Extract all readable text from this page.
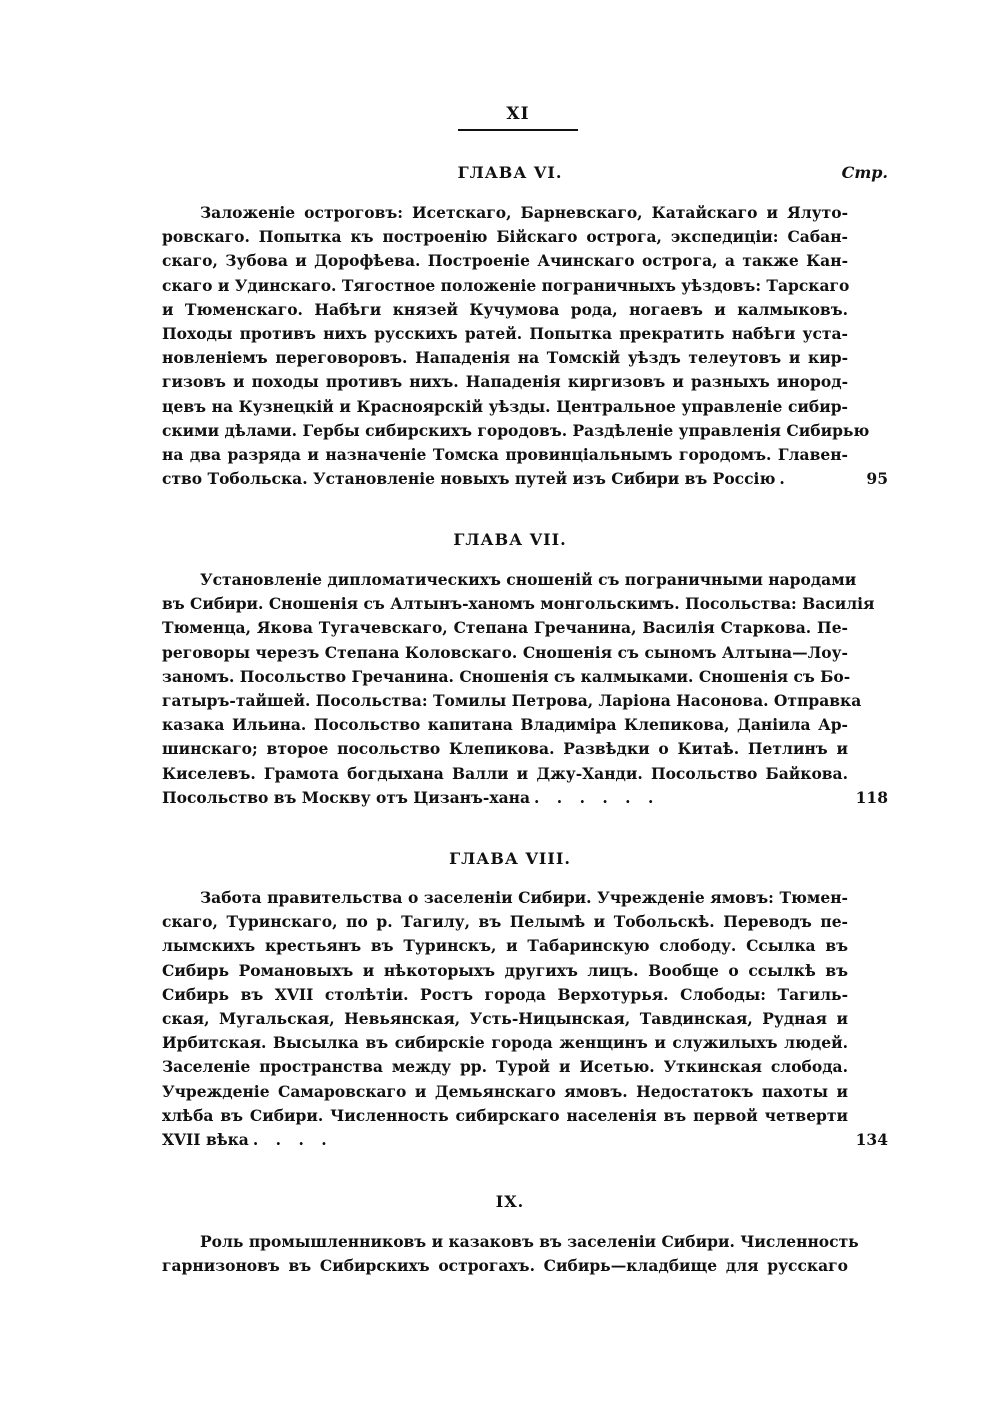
XI
Стр.
ГЛАВА VI.
Заложеніе остроговъ: Исетскаго, Барневскаго, Катайскаго и Ялуто-
ровскаго. Попытка къ построенію Бійскаго острога, экспедиціи: Сабан-
скаго, Зубова и Дорофѣева. Построеніе Ачинскаго острога, а также Кан-
скаго и Удинскаго. Тягостное положеніе пограничныхъ уѣздовъ: Тарскаго
и Тюменскаго. Набѣги князей Кучумова рода, ногаевъ и калмыковъ.
Походы противъ нихъ русскихъ ратей. Попытка прекратить набѣги уста-
новленіемъ переговоровъ. Нападенія на Томскій уѣздъ телеутовъ и кир-
гизовъ и походы противъ нихъ. Нападенія киргизовъ и разныхъ инород-
цевъ на Кузнецкій и Красноярскій уѣзды. Центральное управленіе сибир-
скими дѣлами. Гербы сибирскихъ городовъ. Раздѣленіе управленія Сибирью
на два разряда и назначеніе Томска провинціальнымъ городомъ. Главен-
ство Тобольска. Установленіе новыхъ путей изъ Сибири въ Россію .	95
ГЛАВА VII.
Установленіе дипломатическихъ сношеній съ пограничными народами
въ Сибири. Сношенія съ Алтынъ-ханомъ монгольскимъ. Посольства: Василія
Тюменца, Якова Тугачевскаго, Степана Гречанина, Василія Старкова. Пе-
реговоры черезъ Степана Коловскаго. Сношенія съ сыномъ Алтына—Лоу-
заномъ. Посольство Гречанина. Сношенія съ калмыками. Сношенія съ Бо-
гатыръ-тайшей. Посольства: Томилы Петрова, Ларіона Насонова. Отправка
казака Ильина. Посольство капитана Владиміра Клепикова, Даніила Ар-
шинскаго; второе посольство Клепикова. Развѣдки о Китаѣ. Петлинъ и
Киселевъ. Грамота богдыхана Валли и Джу-Ханди. Посольство Байкова.
Посольство въ Москву отъ Цизанъ-хана . . . . . .	118
ГЛАВА VIII.
Забота правительства о заселеніи Сибири. Учрежденіе ямовъ: Тюмен-
скаго, Туринскаго, по р. Тагилу, въ Пелымѣ и Тобольскѣ. Переводъ пе-
лымскихъ крестьянъ въ Туринскъ, и Табаринскую слободу. Ссылка въ
Сибирь Романовыхъ и нѣкоторыхъ другихъ лицъ. Вообще о ссылкѣ въ
Сибирь въ XVII столѣтіи. Ростъ города Верхотурья. Слободы: Тагиль-
ская, Мугальская, Невьянская, Усть-Ницынская, Тавдинская, Рудная и
Ирбитская. Высылка въ сибирскіе города женщинъ и служилыхъ людей.
Заселеніе пространства между рр. Турой и Исетью. Уткинская слобода.
Учрежденіе Самаровскаго и Демьянскаго ямовъ. Недостатокъ пахоты и
хлѣба въ Сибири. Численность сибирскаго населенія въ первой четверти
XVII вѣка . . . .	134
IX.
Роль промышленниковъ и казаковъ въ заселеніи Сибири. Численность
гарнизоновъ въ Сибирскихъ острогахъ. Сибирь—кладбище для русскаго
